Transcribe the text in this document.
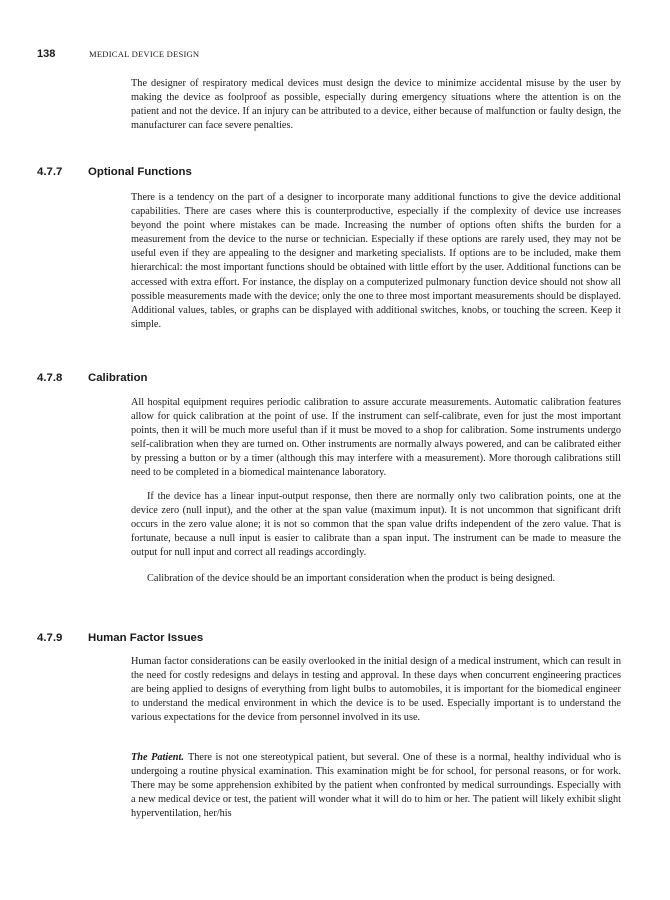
138	MEDICAL DEVICE DESIGN

The designer of respiratory medical devices must design the device to minimize accidental misuse by the user by making the device as foolproof as possible, especially during emergency situations where the attention is on the patient and not the device. If an injury can be attributed to a device, either because of malfunction or faulty design, the manufacturer can face severe penalties.

4.7.7	Optional Functions

There is a tendency on the part of a designer to incorporate many additional functions to give the device additional capabilities. There are cases where this is counterproductive, especially if the complexity of device use increases beyond the point where mistakes can be made. Increasing the number of options often shifts the burden for a measurement from the device to the nurse or technician. Especially if these options are rarely used, they may not be useful even if they are appealing to the designer and marketing specialists. If options are to be included, make them hierarchical: the most important functions should be obtained with little effort by the user. Additional functions can be accessed with extra effort. For instance, the display on a computerized pulmonary function device should not show all possible measurements made with the device; only the one to three most important measurements should be displayed. Additional values, tables, or graphs can be displayed with additional switches, knobs, or touching the screen. Keep it simple.

4.7.8	Calibration

All hospital equipment requires periodic calibration to assure accurate measurements. Automatic calibration features allow for quick calibration at the point of use. If the instrument can self-calibrate, even for just the most important points, then it will be much more useful than if it must be moved to a shop for calibration. Some instruments undergo self-calibration when they are turned on. Other instruments are normally always powered, and can be calibrated either by pressing a button or by a timer (although this may interfere with a measurement). More thorough calibrations still need to be completed in a biomedical maintenance laboratory.

If the device has a linear input-output response, then there are normally only two calibration points, one at the device zero (null input), and the other at the span value (maximum input). It is not uncommon that significant drift occurs in the zero value alone; it is not so common that the span value drifts independent of the zero value. That is fortunate, because a null input is easier to calibrate than a span input. The instrument can be made to measure the output for null input and correct all readings accordingly.

Calibration of the device should be an important consideration when the product is being designed.

4.7.9	Human Factor Issues

Human factor considerations can be easily overlooked in the initial design of a medical instrument, which can result in the need for costly redesigns and delays in testing and approval. In these days when concurrent engineering practices are being applied to designs of everything from light bulbs to automobiles, it is important for the biomedical engineer to understand the medical environment in which the device is to be used. Especially important is to understand the various expectations for the device from personnel involved in its use.

The Patient. There is not one stereotypical patient, but several. One of these is a normal, healthy individual who is undergoing a routine physical examination. This examination might be for school, for personal reasons, or for work. There may be some apprehension exhibited by the patient when confronted by medical surroundings. Especially with a new medical device or test, the patient will wonder what it will do to him or her. The patient will likely exhibit slight hyperventilation, her/his
